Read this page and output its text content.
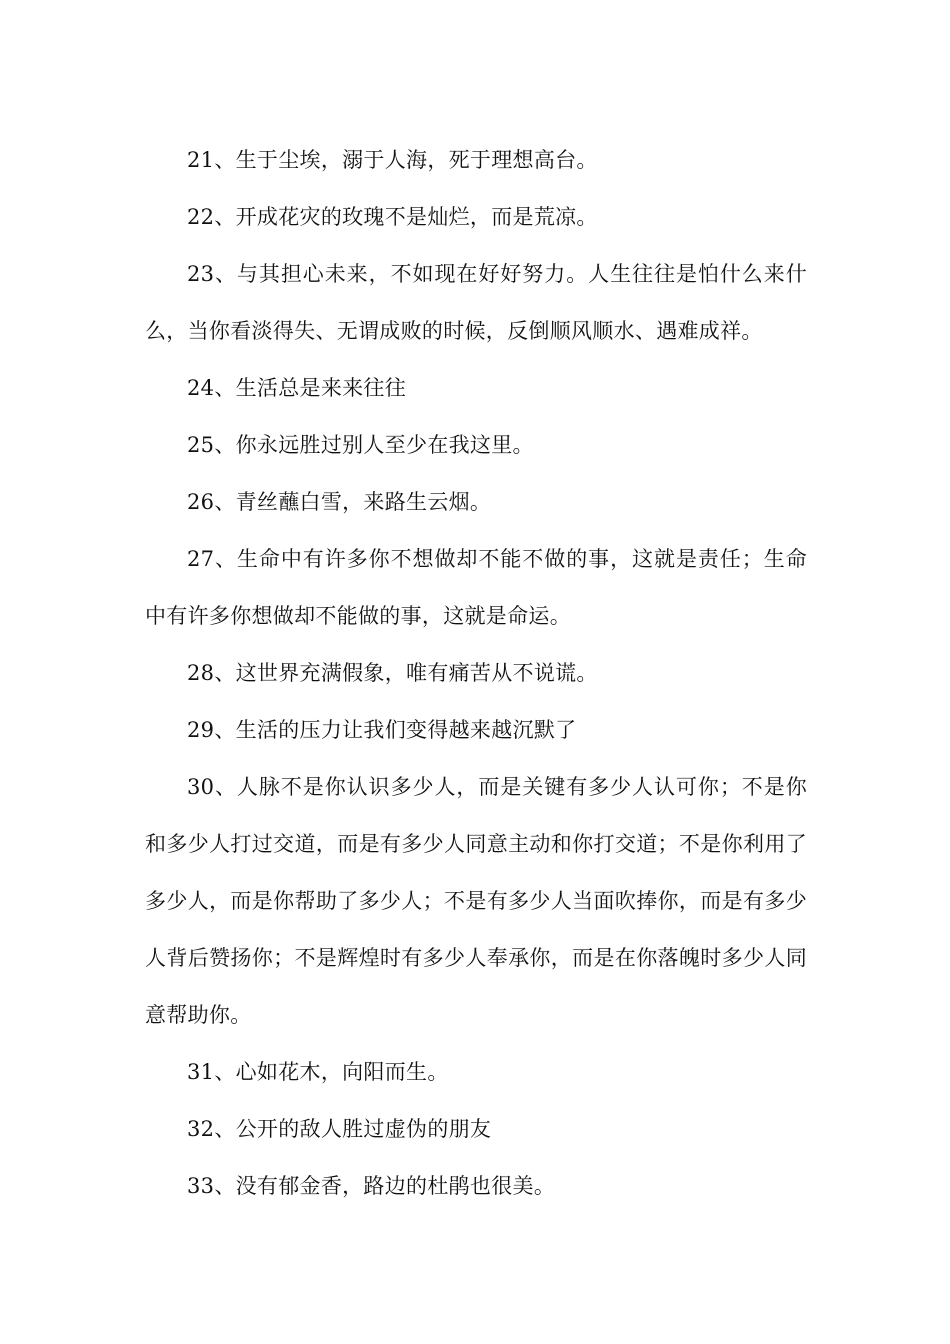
21、生于尘埃，溺于人海，死于理想高台。

22、开成花灾的玫瑰不是灿烂，而是荒凉。

23、与其担心未来，不如现在好好努力。人生往往是怕什么来什么，当你看淡得失、无谓成败的时候，反倒顺风顺水、遇难成祥。

24、生活总是来来往往

25、你永远胜过别人至少在我这里。

26、青丝蘸白雪，来路生云烟。

27、生命中有许多你不想做却不能不做的事，这就是责任；生命中有许多你想做却不能做的事，这就是命运。

28、这世界充满假象，唯有痛苦从不说谎。

29、生活的压力让我们变得越来越沉默了

30、人脉不是你认识多少人，而是关键有多少人认可你；不是你和多少人打过交道，而是有多少人同意主动和你打交道；不是你利用了多少人，而是你帮助了多少人；不是有多少人当面吹捧你，而是有多少人背后赞扬你；不是辉煌时有多少人奉承你，而是在你落魄时多少人同意帮助你。

31、心如花木，向阳而生。

32、公开的敌人胜过虚伪的朋友

33、没有郁金香，路边的杜鹃也很美。
